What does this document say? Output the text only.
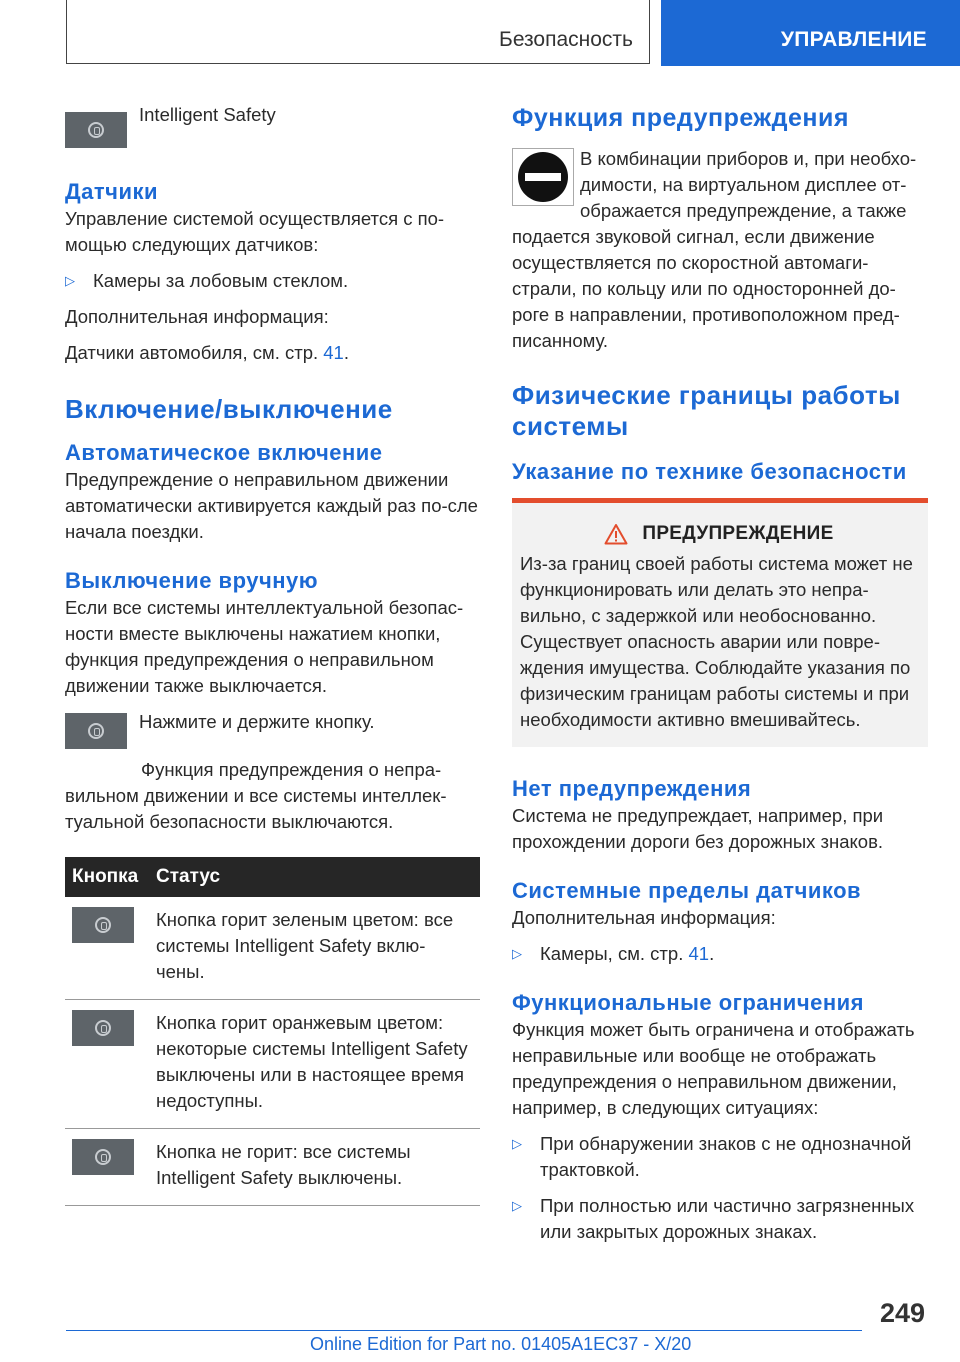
Безопасность	УПРАВЛЕНИЕ

Intelligent Safety

Датчики

Управление системой осуществляется с по-мощью следующих датчиков:

▷ Камеры за лобовым стеклом.

Дополнительная информация:

Датчики автомобиля, см. стр. 41.

Включение/выключение
Автоматическое включение

Предупреждение о неправильном движении автоматически активируется каждый раз по-сле начала поездки.

Выключение вручную

Если все системы интеллектуальной безопас-ности вместе выключены нажатием кнопки, функция предупреждения о неправильном движении также выключается.

Нажмите и держите кнопку.

Функция предупреждения о непра-вильном движении и все системы интеллек-туальной безопасности выключаются.

Кнопка	Статус

	Кнопка горит зеленым цветом: все системы Intelligent Safety вклю-чены.

	Кнопка горит оранжевым цветом: некоторые системы Intelligent Safety выключены или в настоящее время недоступны.

	Кнопка не горит: все системы Intelligent Safety выключены.
Функция предупреждения

В комбинации приборов и, при необхо-димости, на виртуальном дисплее от-ображается предупреждение, а также

подается звуковой сигнал, если движение осуществляется по скоростной автомаги-страли, по кольцу или по односторонней до-роге в направлении, противоположном пред-писанному.

Физические границы работы системы
Указание по технике безопасности
ПРЕДУПРЕЖДЕНИЕ

Из-за границ своей работы система может не функционировать или делать это непра-вильно, с задержкой или необоснованно. Существует опасность аварии или повре-ждения имущества. Соблюдайте указания по физическим границам работы системы и при необходимости активно вмешивайтесь.

Нет предупреждения

Система не предупреждает, например, при прохождении дороги без дорожных знаков.

Системные пределы датчиков

Дополнительная информация:

▷ Камеры, см. стр. 41.
Функциональные ограничения

Функция может быть ограничена и отображать неправильные или вообще не отображать предупреждения о неправильном движении, например, в следующих ситуациях:

▷ При обнаружении знаков с не однозначной трактовкой.
▷ При полностью или частично загрязненных или закрытых дорожных знаках.
249
Online Edition for Part no. 01405A1EC37 - X/20
